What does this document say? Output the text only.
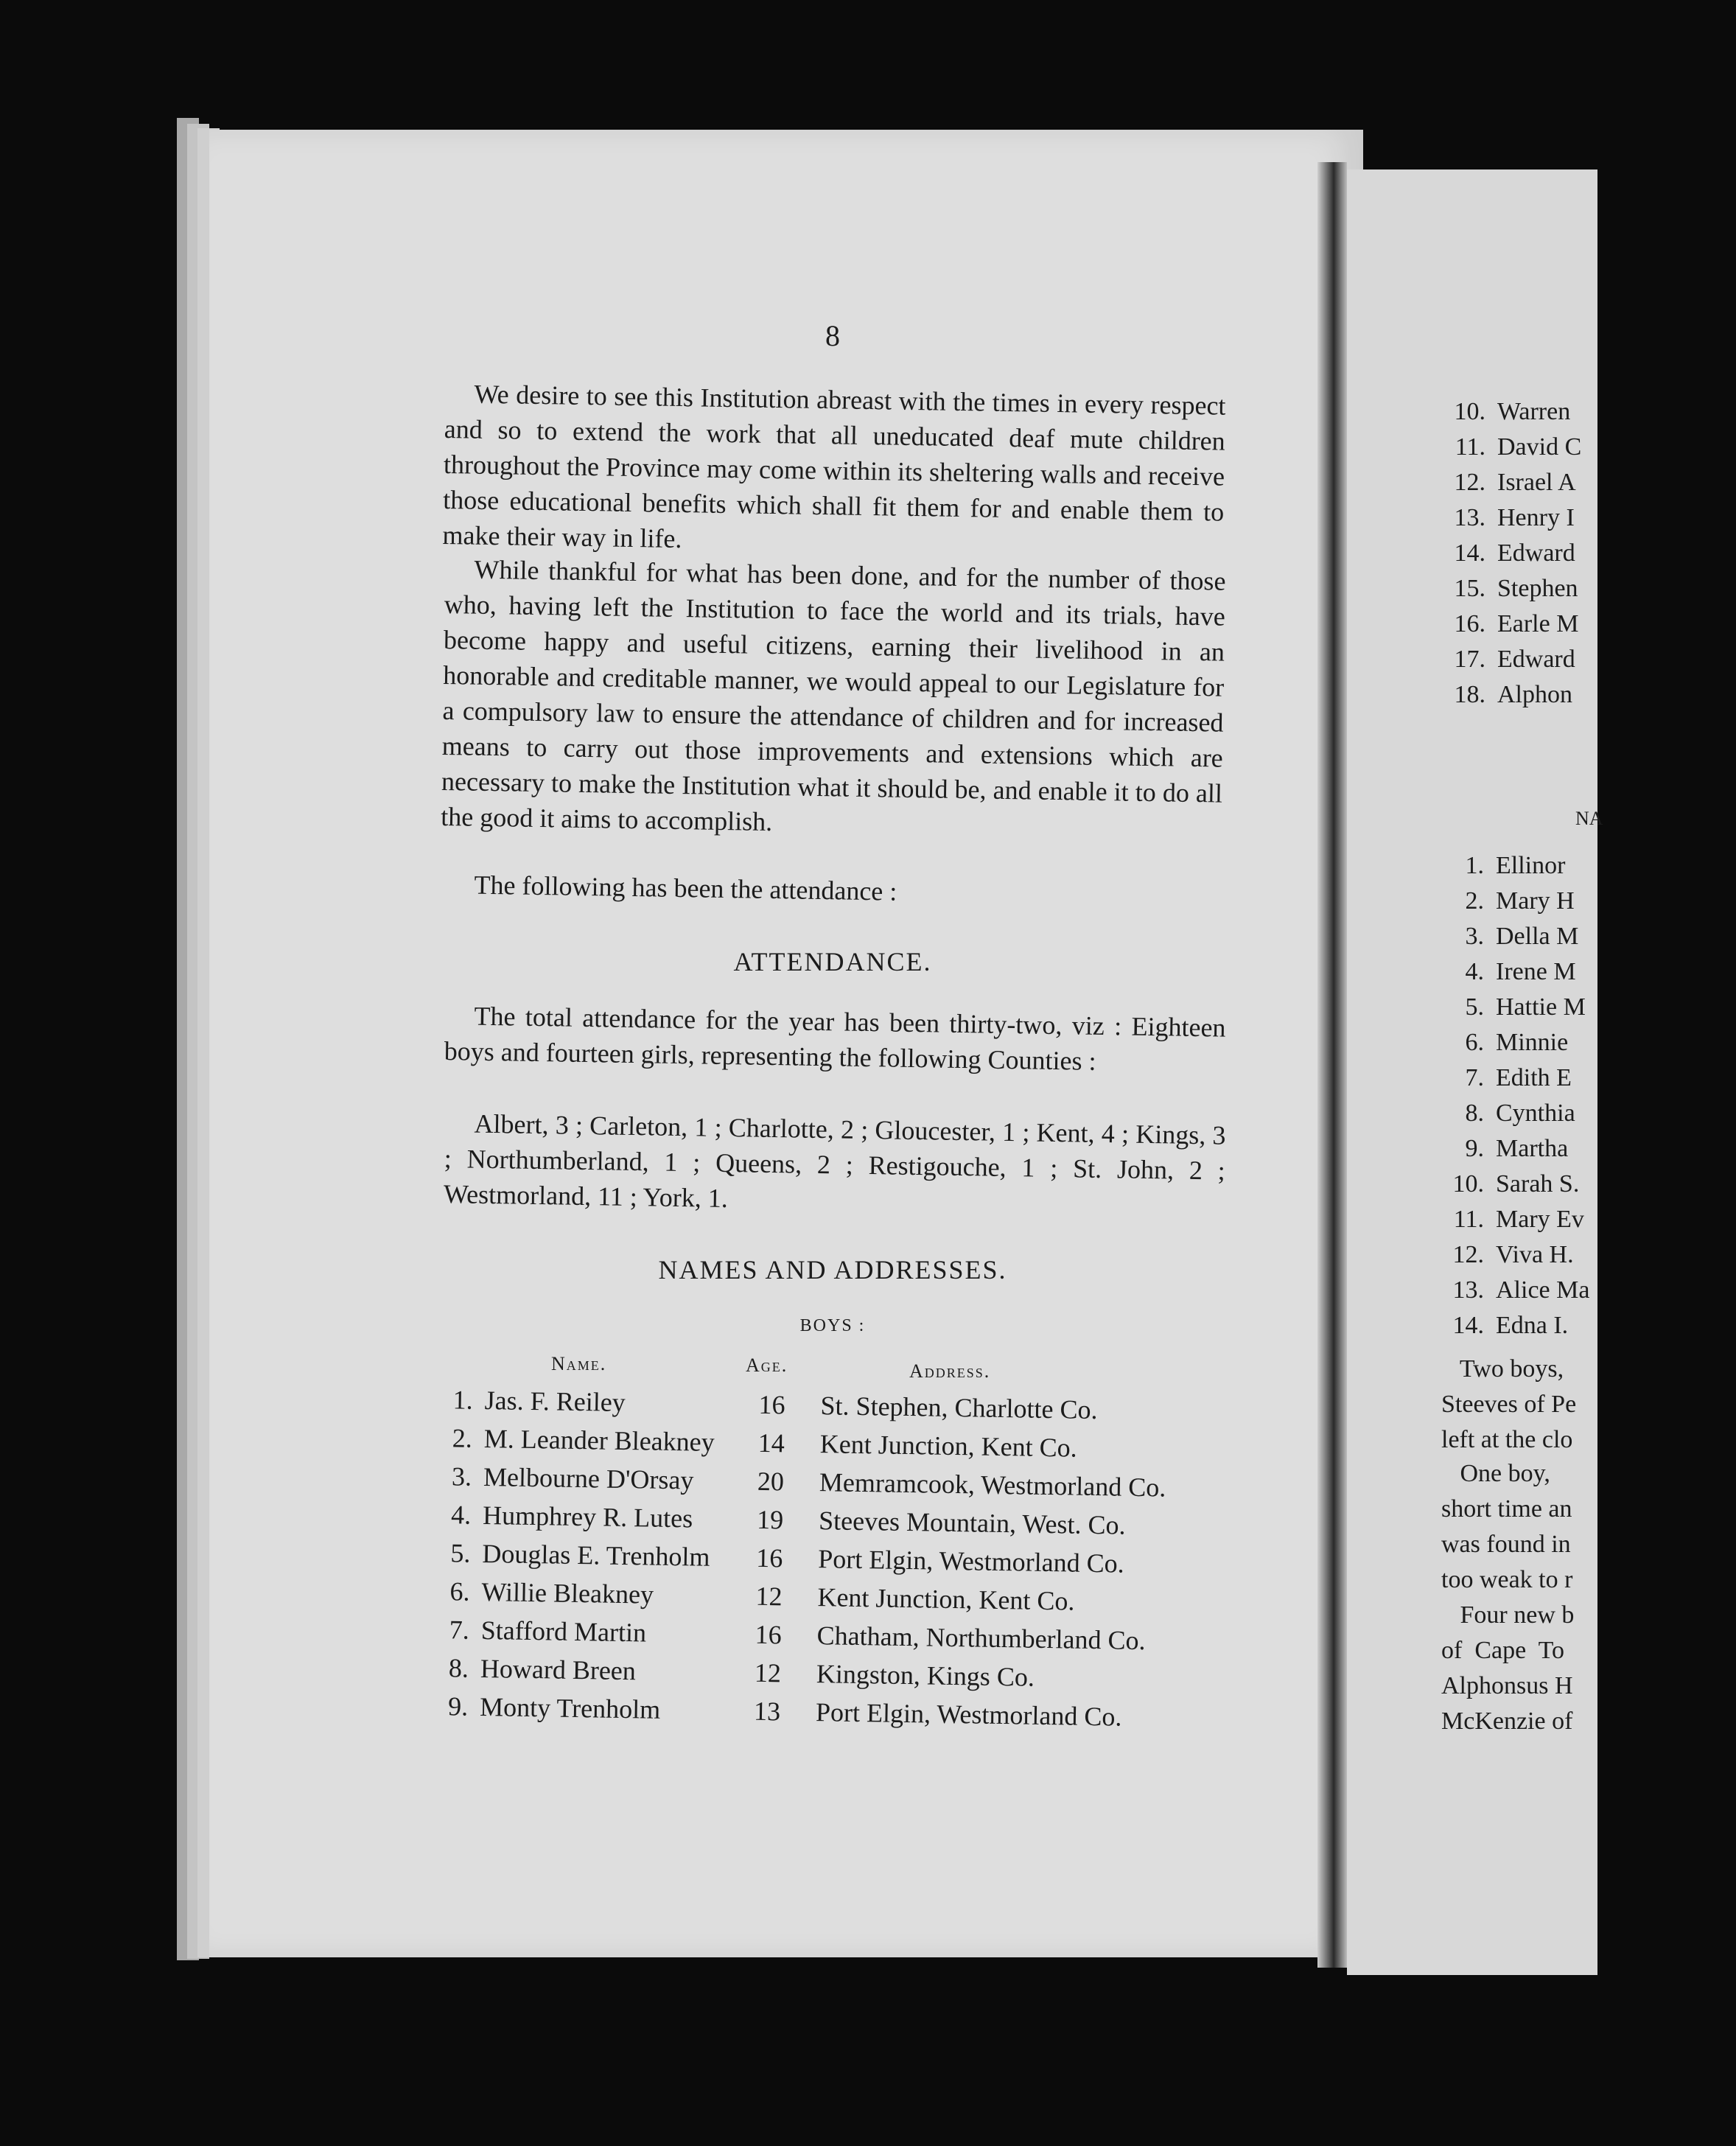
8

We desire to see this Institution abreast with the times in every respect and so to extend the work that all uneducated deaf mute children throughout the Province may come within its sheltering walls and receive those educational benefits which shall fit them for and enable them to make their way in life.

While thankful for what has been done, and for the number of those who, having left the Institution to face the world and its trials, have become happy and useful citizens, earning their livelihood in an honorable and creditable manner, we would appeal to our Legislature for a compulsory law to ensure the attendance of children and for increased means to carry out those improvements and extensions which are necessary to make the Institution what it should be, and enable it to do all the good it aims to accomplish.

The following has been the attendance :

ATTENDANCE.

The total attendance for the year has been thirty-two, viz : Eighteen boys and fourteen girls, representing the following Counties :

Albert, 3 ; Carleton, 1 ; Charlotte, 2 ; Gloucester, 1 ; Kent, 4 ; Kings, 3 ; Northumberland, 1 ; Queens, 2 ; Restigouche, 1 ; St. John, 2 ; Westmorland, 11 ; York, 1.

NAMES AND ADDRESSES.
BOYS :
Name.	Age.	Address.
1. Jas. F. Reiley	16	St. Stephen, Charlotte Co.
2. M. Leander Bleakney	14	Kent Junction, Kent Co.
3. Melbourne D'Orsay	20	Memramcook, Westmorland Co.
4. Humphrey R. Lutes	19	Steeves Mountain, West. Co.
5. Douglas E. Trenholm	16	Port Elgin, Westmorland Co.
6. Willie Bleakney	12	Kent Junction, Kent Co.
7. Stafford Martin	16	Chatham, Northumberland Co.
8. Howard Breen	12	Kingston, Kings Co.
9. Monty Trenholm	13	Port Elgin, Westmorland Co.
10. Warren
11. David C
12. Israel A
13. Henry I
14. Edward
15. Stephen
16. Earle M
17. Edward
18. Alphon
NA
1. Ellinor
2. Mary H
3. Della M
4. Irene M
5. Hattie M
6. Minnie
7. Edith E
8. Cynthia
9. Martha
10. Sarah S.
11. Mary Ev
12. Viva H.
13. Alice Ma
14. Edna I.
Two boys,
Steeves of Pe
left at the clo
One boy,
short time an
was found in
too weak to r
Four new b
of  Cape  To
Alphonsus H
McKenzie of
